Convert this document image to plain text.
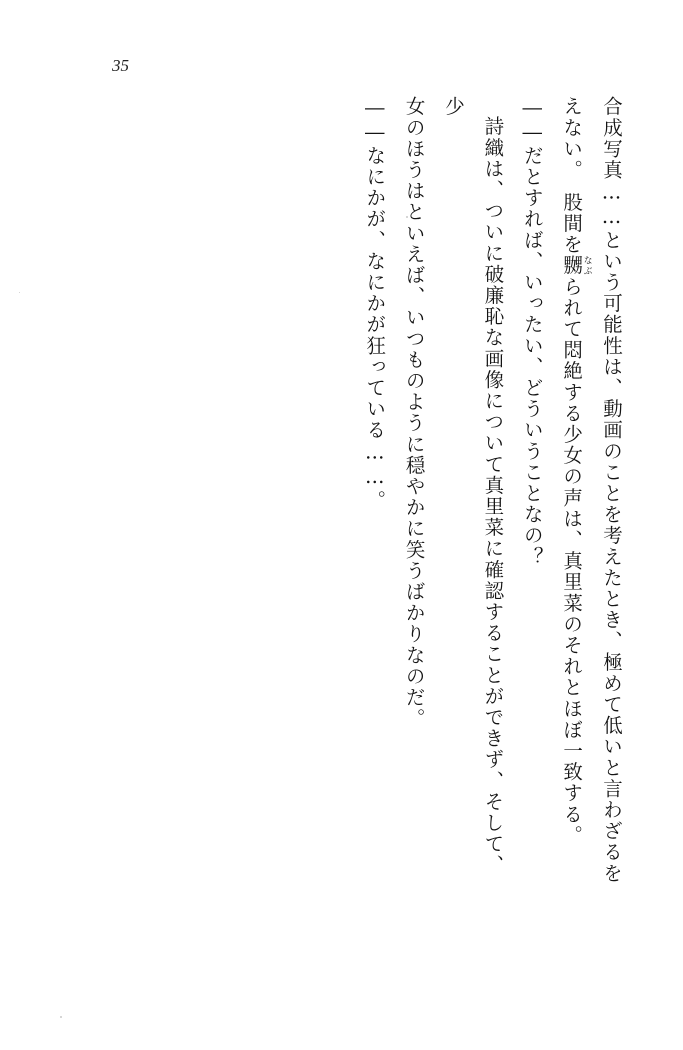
35

合成写真……という可能性は、動画のことを考えたとき、極めて低いと言わざるを

えない。　股間を嬲なぶられて悶絶する少女の声は、真里菜のそれとほぼ一致する。

――だとすれば、いったい、どういうことなの？

詩織は、ついに破廉恥な画像について真里菜に確認することができず、そして、少

女のほうはといえば、いつものように穏やかに笑うばかりなのだ。

――なにかが、なにかが狂っている……。
